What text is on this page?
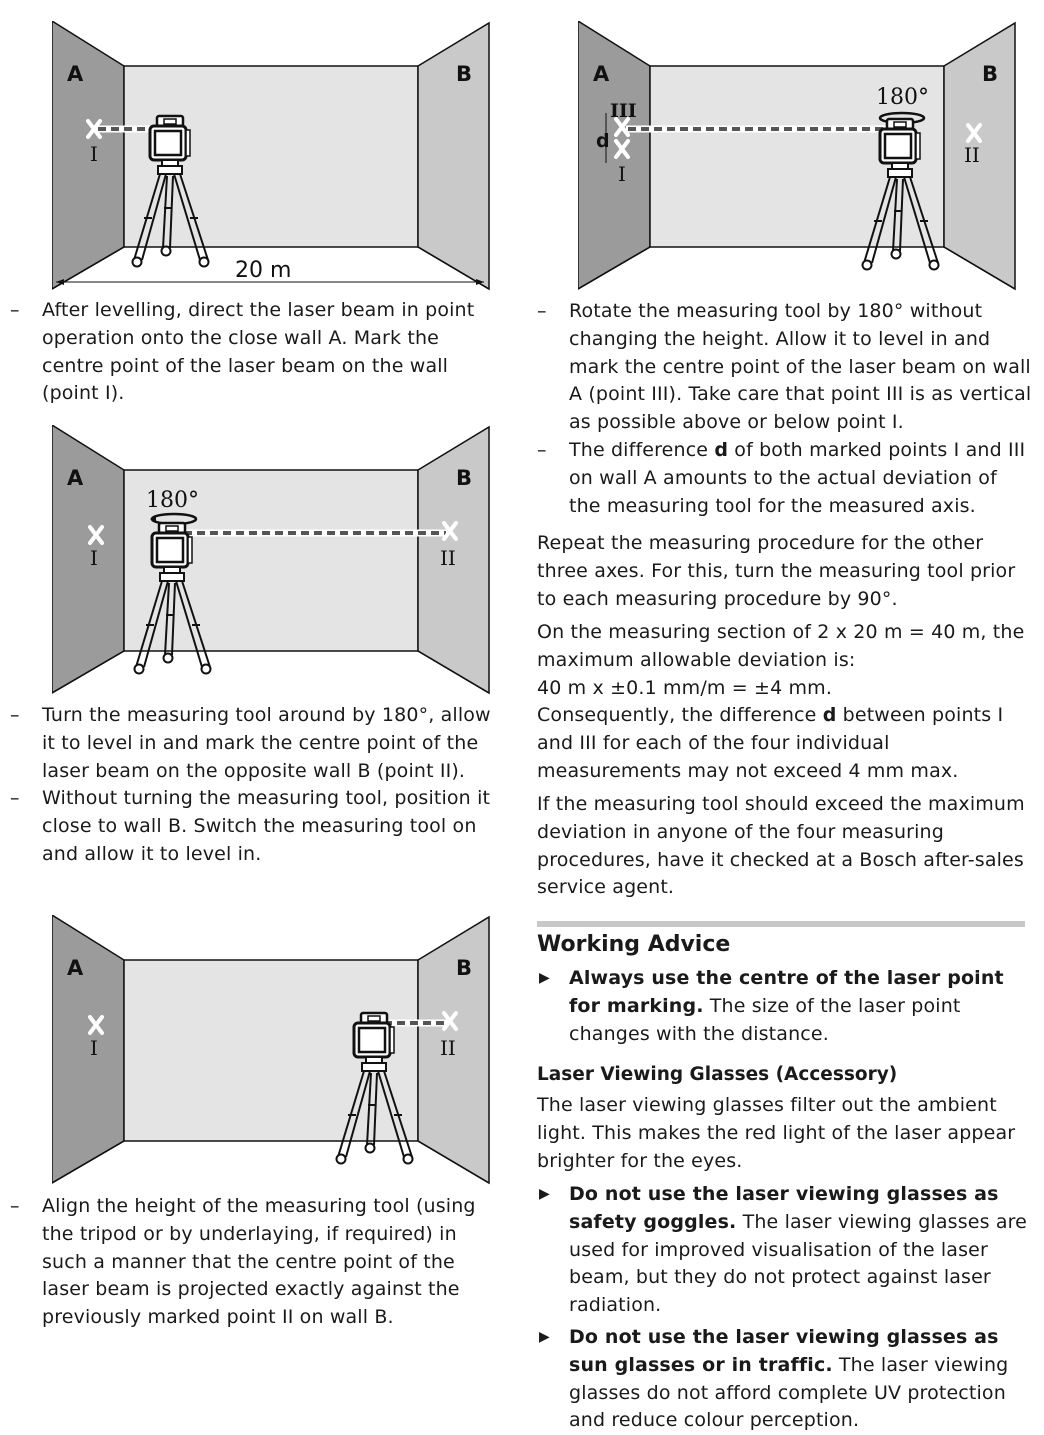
A	B
I
20 m
– After levelling, direct the laser beam in point operation onto the close wall A. Mark the centre point of the laser beam on the wall (point I).
A	B
180°
I	II
– Turn the measuring tool around by 180°, allow it to level in and mark the centre point of the laser beam on the opposite wall B (point II).
– Without turning the measuring tool, position it close to wall B. Switch the measuring tool on and allow it to level in.
A	B
I	II
– Align the height of the measuring tool (using the tripod or by underlaying, if required) in such a manner that the centre point of the laser beam is projected exactly against the previously marked point II on wall B.
A	B
180°
III
d
I
II
– Rotate the measuring tool by 180° without changing the height. Allow it to level in and mark the centre point of the laser beam on wall A (point III). Take care that point III is as vertical as possible above or below point I.
– The difference d of both marked points I and III on wall A amounts to the actual deviation of the measuring tool for the measured axis.

Repeat the measuring procedure for the other three axes. For this, turn the measuring tool prior to each measuring procedure by 90°.

On the measuring section of 2 x 20 m = 40 m, the maximum allowable deviation is:
40 m x ±0.1 mm/m = ±4 mm.
Consequently, the difference d between points I and III for each of the four individual measurements may not exceed 4 mm max.

If the measuring tool should exceed the maximum deviation in anyone of the four measuring procedures, have it checked at a Bosch after-sales service agent.

Working Advice
▶ Always use the centre of the laser point for marking. The size of the laser point changes with the distance.
Laser Viewing Glasses (Accessory)

The laser viewing glasses filter out the ambient light. This makes the red light of the laser appear brighter for the eyes.

▶ Do not use the laser viewing glasses as safety goggles. The laser viewing glasses are used for improved visualisation of the laser beam, but they do not protect against laser radiation.
▶ Do not use the laser viewing glasses as sun glasses or in traffic. The laser viewing glasses do not afford complete UV protection and reduce colour perception.
